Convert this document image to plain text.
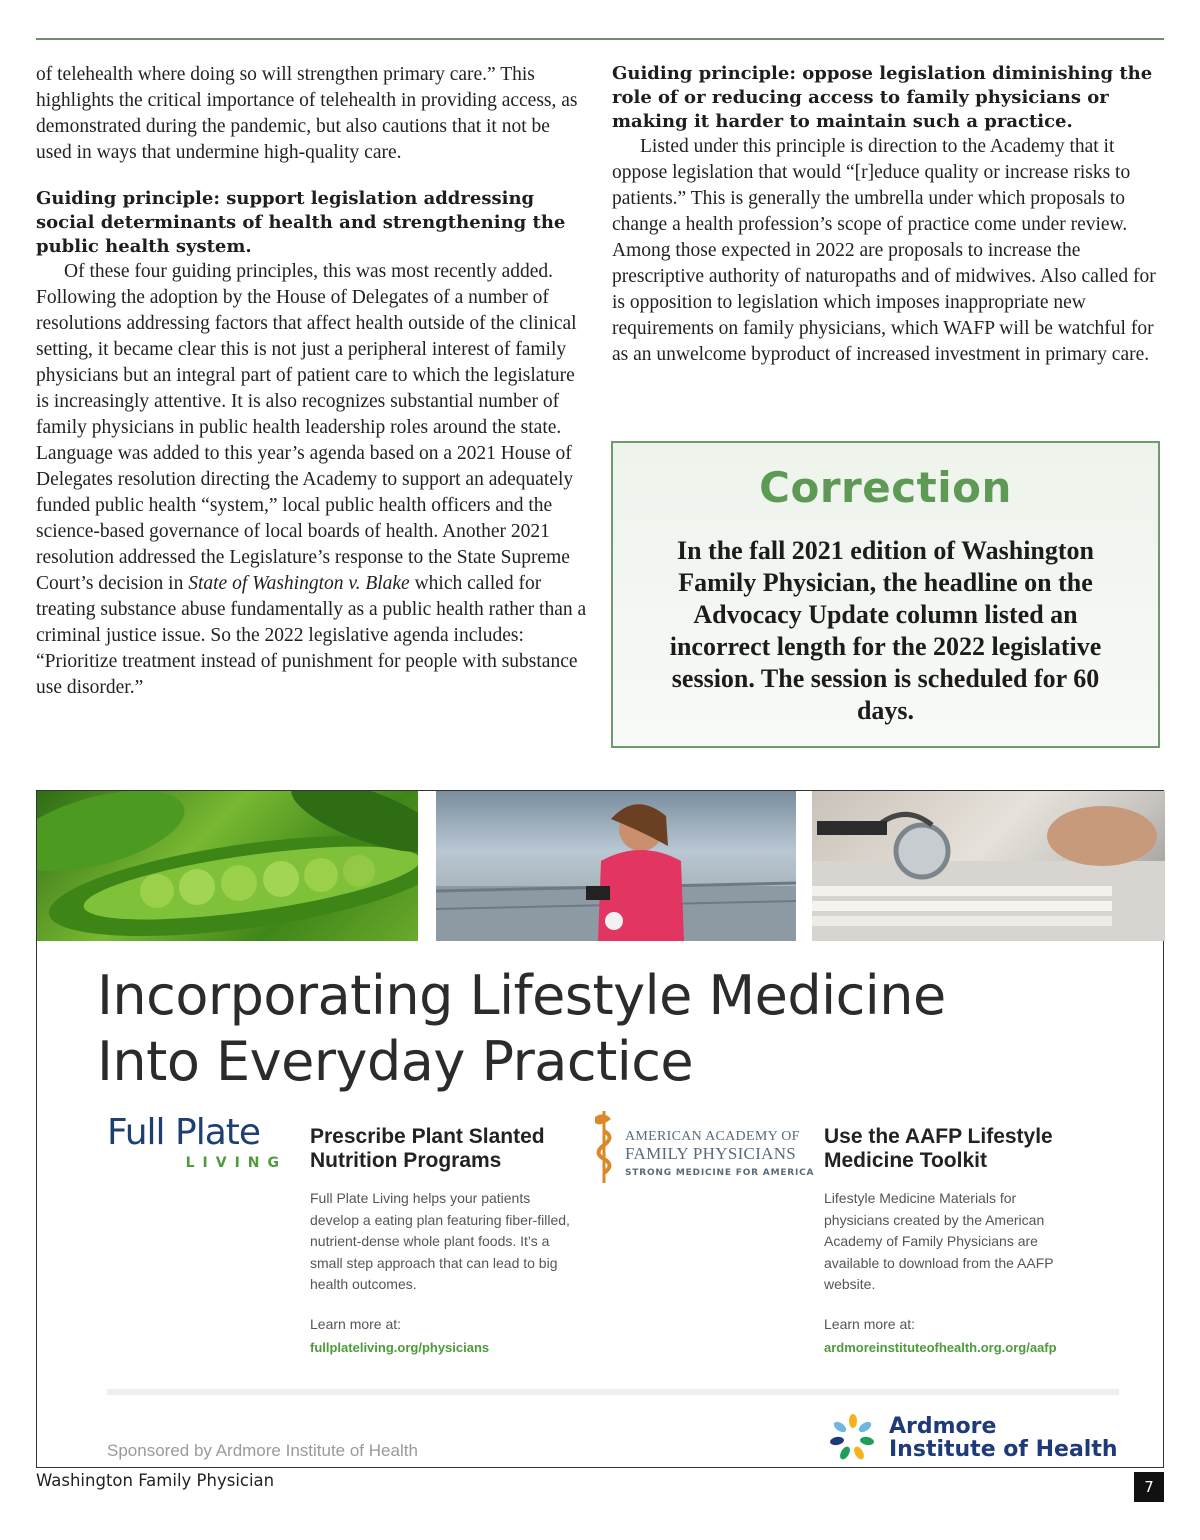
of telehealth where doing so will strengthen primary care.” This highlights the critical importance of telehealth in providing access, as demonstrated during the pandemic, but also cautions that it not be used in ways that undermine high-quality care.

Guiding principle: support legislation addressing social determinants of health and strengthening the public health system.

Of these four guiding principles, this was most recently added. Following the adoption by the House of Delegates of a number of resolutions addressing factors that affect health outside of the clinical setting, it became clear this is not just a peripheral interest of family physicians but an integral part of patient care to which the legislature is increasingly attentive. It is also recognizes substantial number of family physicians in public health leadership roles around the state. Language was added to this year’s agenda based on a 2021 House of Delegates resolution directing the Academy to support an adequately funded public health “system,” local public health officers and the science-based governance of local boards of health. Another 2021 resolution addressed the Legislature’s response to the State Supreme Court’s decision in State of Washington v. Blake which called for treating substance abuse fundamentally as a public health rather than a criminal justice issue. So the 2022 legislative agenda includes: “Prioritize treatment instead of punishment for people with substance use disorder.”

Guiding principle: oppose legislation diminishing the role of or reducing access to family physicians or making it harder to maintain such a practice.

Listed under this principle is direction to the Academy that it oppose legislation that would “[r]educe quality or increase risks to patients.” This is generally the umbrella under which proposals to change a health profession’s scope of practice come under review. Among those expected in 2022 are proposals to increase the prescriptive authority of naturopaths and of midwives. Also called for is opposition to legislation which imposes inappropriate new requirements on family physicians, which WAFP will be watchful for as an unwelcome byproduct of increased investment in primary care.

Correction
In the fall 2021 edition of Washington Family Physician, the headline on the Advocacy Update column listed an incorrect length for the 2022 legislative session. The session is scheduled for 60 days.
Incorporating Lifestyle Medicine
Into Everyday Practice
Full Plate
LIVING
Prescribe Plant Slanted Nutrition Programs
Full Plate Living helps your patients develop a eating plan featuring fiber-filled, nutrient-dense whole plant foods. It’s a small step approach that can lead to big health outcomes.
Learn more at:
fullplateliving.org/physicians
AMERICAN ACADEMY OF
FAMILY PHYSICIANS
STRONG MEDICINE FOR AMERICA
Use the AAFP Lifestyle Medicine Toolkit
Lifestyle Medicine Materials for physicians created by the American Academy of Family Physicians are available to download from the AAFP website.
Learn more at:
ardmoreinstituteofhealth.org.org/aafp
Sponsored by Ardmore Institute of Health
Ardmore
Institute of Health
Washington Family Physician	7
